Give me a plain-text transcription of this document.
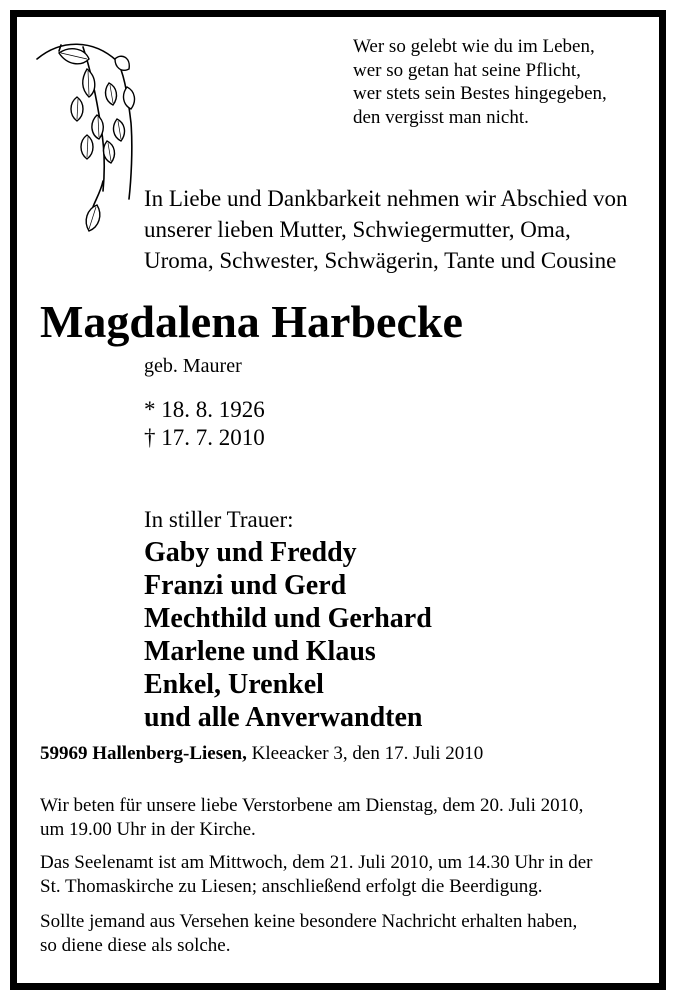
Wer so gelebt wie du im Leben,
wer so getan hat seine Pflicht,
wer stets sein Bestes hingegeben,
den vergisst man nicht.
In Liebe und Dankbarkeit nehmen wir Abschied von
unserer lieben Mutter, Schwiegermutter, Oma,
Uroma, Schwester, Schwägerin, Tante und Cousine
Magdalena Harbecke
geb. Maurer
* 18. 8. 1926
† 17. 7. 2010
In stiller Trauer:
Gaby und Freddy
Franzi und Gerd
Mechthild und Gerhard
Marlene und Klaus
Enkel, Urenkel
und alle Anverwandten
59969 Hallenberg-Liesen, Kleeacker 3, den 17. Juli 2010
Wir beten für unsere liebe Verstorbene am Dienstag, dem 20. Juli 2010,
um 19.00 Uhr in der Kirche.
Das Seelenamt ist am Mittwoch, dem 21. Juli 2010, um 14.30 Uhr in der
St. Thomaskirche zu Liesen; anschließend erfolgt die Beerdigung.
Sollte jemand aus Versehen keine besondere Nachricht erhalten haben,
so diene diese als solche.
